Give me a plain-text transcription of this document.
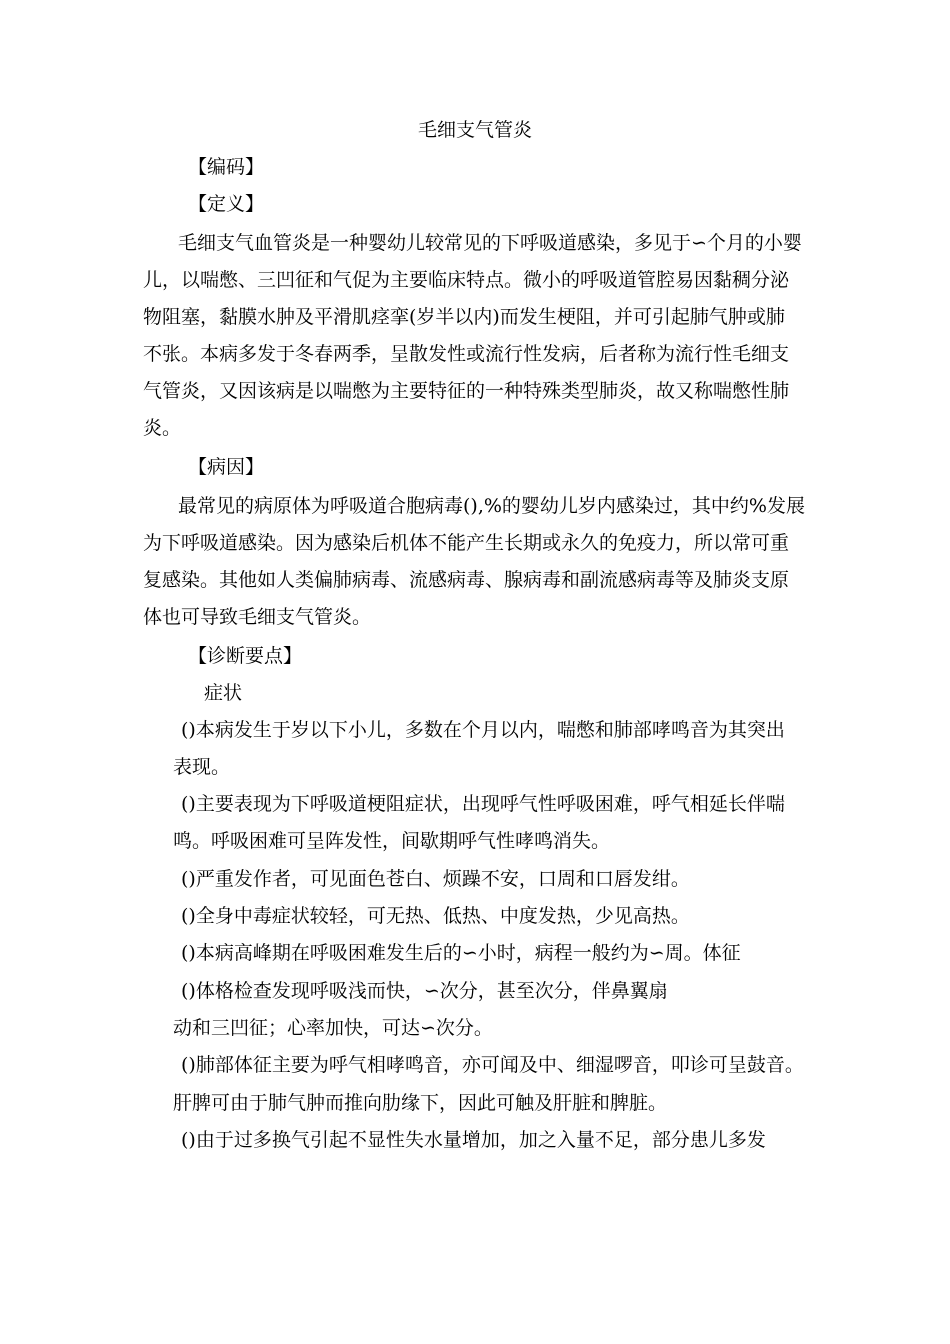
毛细支气管炎
【编码】
【定义】
毛细支气血管炎是一种婴幼儿较常见的下呼吸道感染，多见于∽个月的小婴
儿，以喘憋、三凹征和气促为主要临床特点。微小的呼吸道管腔易因黏稠分泌
物阻塞，黏膜水肿及平滑肌痉挛(岁半以内)而发生梗阻，并可引起肺气肿或肺
不张。本病多发于冬春两季，呈散发性或流行性发病，后者称为流行性毛细支
气管炎，又因该病是以喘憋为主要特征的一种特殊类型肺炎，故又称喘憋性肺
炎。
【病因】
最常见的病原体为呼吸道合胞病毒(),%的婴幼儿岁内感染过，其中约%发展
为下呼吸道感染。因为感染后机体不能产生长期或永久的免疫力，所以常可重
复感染。其他如人类偏肺病毒、流感病毒、腺病毒和副流感病毒等及肺炎支原
体也可导致毛细支气管炎。
【诊断要点】
症状
()本病发生于岁以下小儿，多数在个月以内，喘憋和肺部哮鸣音为其突出
表现。
()主要表现为下呼吸道梗阻症状，出现呼气性呼吸困难，呼气相延长伴喘
鸣。呼吸困难可呈阵发性，间歇期呼气性哮鸣消失。
()严重发作者，可见面色苍白、烦躁不安，口周和口唇发绀。
()全身中毒症状较轻，可无热、低热、中度发热，少见高热。
()本病高峰期在呼吸困难发生后的∽小时，病程一般约为∽周。体征
()体格检查发现呼吸浅而快，∽次分，甚至次分，伴鼻翼扇
动和三凹征；心率加快，可达∽次分。
()肺部体征主要为呼气相哮鸣音，亦可闻及中、细湿啰音，叩诊可呈鼓音。
肝脾可由于肺气肿而推向肋缘下，因此可触及肝脏和脾脏。
()由于过多换气引起不显性失水量增加，加之入量不足，部分患儿多发
